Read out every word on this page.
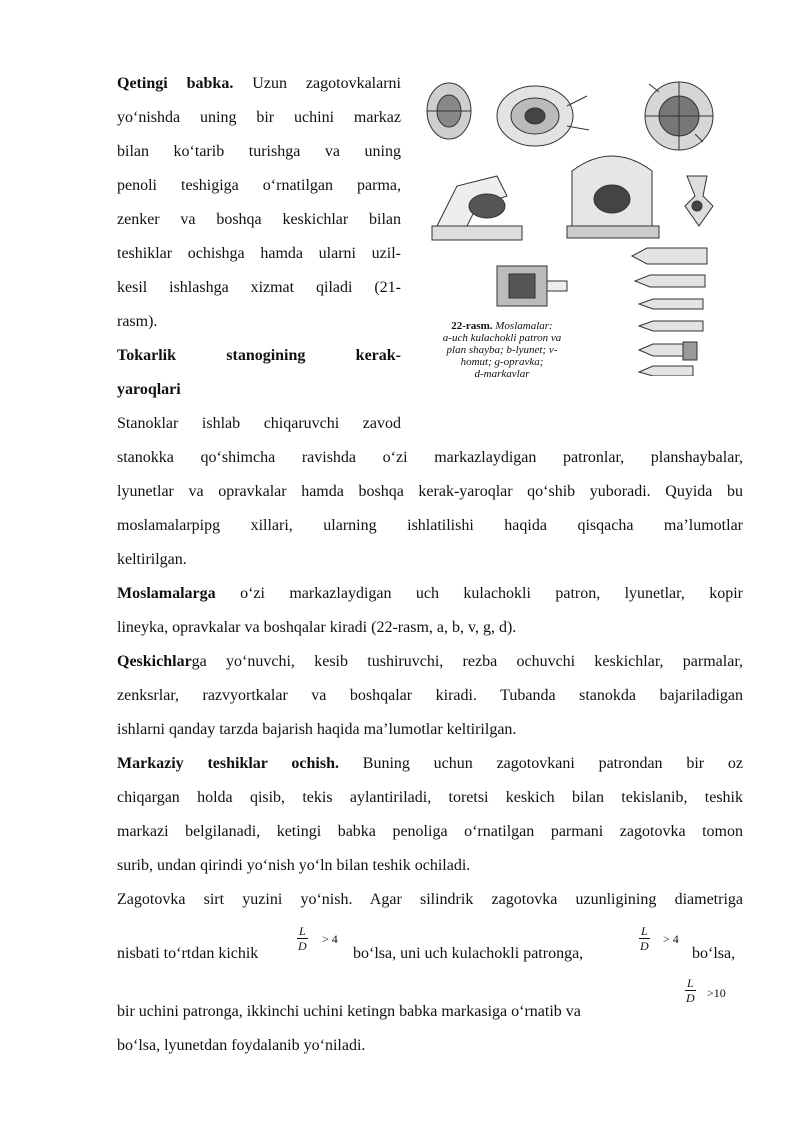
Qetingi babka. Uzun zagotovkalarni
yo‘nishda uning bir uchini markaz
bilan ko‘tarib turishga va uning
penoli teshigiga o‘rnatilgan parma,
zenker va boshqa keskichlar bilan
teshiklar ochishga hamda ularni uzil-
kesil ishlashga xizmat qiladi (21-
rasm).
Tokarlik stanogining kerak-
yaroqlari
Stanoklar ishlab chiqaruvchi zavod
22-rasm. Moslamalar:
a-uch kulachokli patron va
plan shayba; b-lyunet; v-
homut; g-opravka;
d-markavlar
stanokka qo‘shimcha ravishda o‘zi markazlaydigan patronlar, planshaybalar,
lyunetlar va opravkalar hamda boshqa kerak-yaroqlar qo‘shib yuboradi. Quyida bu
moslamalarpipg xillari, ularning ishlatilishi haqida qisqacha ma’lumotlar
keltirilgan.
Moslamalarga o‘zi markazlaydigan uch kulachokli patron, lyunetlar, kopir
lineyka, opravkalar va boshqalar kiradi (22-rasm, a, b, v, g, d).
Qeskichlarga yo‘nuvchi, kesib tushiruvchi, rezba ochuvchi keskichlar, parmalar,
zenksrlar, razvyortkalar va boshqalar kiradi. Tubanda stanokda bajariladigan
ishlarni qanday tarzda bajarish haqida ma’lumotlar keltirilgan.
Markaziy teshiklar ochish. Buning uchun zagotovkani patrondan bir oz
chiqargan holda qisib, tekis aylantiriladi, toretsi keskich bilan tekislanib, teshik
markazi belgilanadi, ketingi babka penoliga o‘rnatilgan parmani zagotovka tomon
surib, undan qirindi yo‘nish yo‘ln bilan teshik ochiladi.
Zagotovka sirt yuzini yo‘nish. Agar silindrik zagotovka uzunligining diametriga
nisbati to‘rtdan kichik
$\frac{L}{D} > 4$
bo‘lsa, uni uch kulachokli patronga,
$\frac{L}{D} > 4$
bo‘lsa,
bir uchini patronga, ikkinchi uchini ketingn babka markasiga o‘rnatib va
$\frac{L}{D} >10$
bo‘lsa, lyunetdan foydalanib yo‘niladi.
